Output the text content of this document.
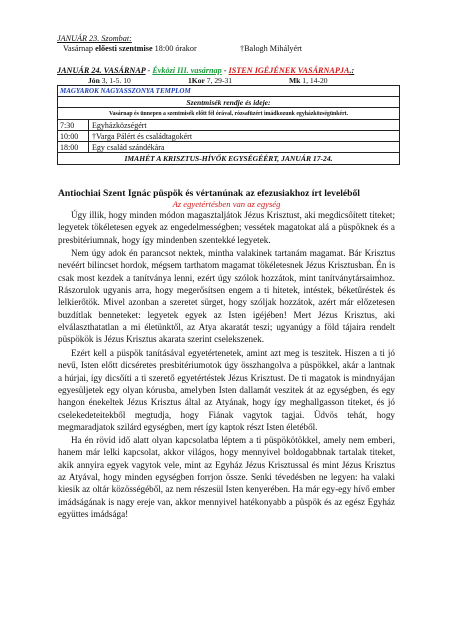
JANUÁR 23. Szombat:
Vasárnap előesti szentmise 18:00 órakor	†Balogh Mihályért
JANUÁR 24. VASÁRNAP - Évközi III. vasárnap - ISTEN IGÉJÉNEK VASÁRNAPJA.:
Jón 3, 1-5. 10	1Kor 7, 29-31	Mk 1, 14-20
MAGYAROK NAGYASSZONYA TEMPLOM
Szentmisék rendje és ideje:
Vasárnap és ünnepen a szentmisék előtt fél órával, rózsafüzért imádkozunk egyházközségünkért.
7:30	Egyházközségért
10:00	†Varga Pálért és családtagokért
18:00	Egy család szándékára
IMAHÉT A KRISZTUS-HÍVŐK EGYSÉGÉÉRT, JANUÁR 17-24.
Antiochiai Szent Ignác püspök és vértanúnak az efezusiakhoz írt leveléből
Az egyetértésben van az egység

Úgy illik, hogy minden módon magasztaljátok Jézus Krisztust, aki megdicsőített titeket; legyetek tökéletesen egyek az engedelmességben; vessétek magatokat alá a püspöknek és a presbitériumnak, hogy így mindenben szentekké legyetek.

Nem úgy adok én parancsot nektek, mintha valakinek tartanám magamat. Bár Krisztus nevéért bilincset hordok, mégsem tarthatom magamat tökéletesnek Jézus Krisztusban. Én is csak most kezdek a tanítványa lenni, ezért úgy szólok hozzátok, mint tanítványtársaimhoz. Rászorulok ugyanis arra, hogy megerősítsen engem a ti hitetek, intéstek, béketűréstek és lelkierőtök. Mivel azonban a szeretet sürget, hogy szóljak hozzátok, azért már előzetesen buzdítlak benneteket: legyetek egyek az Isten igéjében! Mert Jézus Krisztus, aki elválaszthatatlan a mi életünktől, az Atya akaratát teszi; ugyanúgy a föld tájaira rendelt püspökök is Jézus Krisztus akarata szerint cselekszenek.

Ezért kell a püspök tanításával egyetértenetek, amint azt meg is teszitek. Hiszen a ti jó nevű, Isten előtt dicséretes presbitériumotok úgy összhangolva a püspökkel, akár a lantnak a húrjai, így dicsőíti a ti szerető egyetértéstek Jézus Krisztust. De ti magatok is mindnyájan egyesüljetek egy olyan kórusba, amelyben Isten dallamát veszitek át az egységben, és egy hangon énekeltek Jézus Krisztus által az Atyának, hogy így meghallgasson titeket, és jó cselekedeteitekből megtudja, hogy Fiának vagytok tagjai. Üdvös tehát, hogy megmaradjatok szilárd egységben, mert így kaptok részt Isten életéből.

Ha én rövid idő alatt olyan kapcsolatba léptem a ti püspökötökkel, amely nem emberi, hanem már lelki kapcsolat, akkor világos, hogy mennyivel boldogabbnak tartalak titeket, akik annyira egyek vagytok vele, mint az Egyház Jézus Krisztussal és mint Jézus Krisztus az Atyával, hogy minden egységben forrjon össze. Senki tévedésben ne legyen: ha valaki kiesik az oltár közösségéből, az nem részesül Isten kenyerében. Ha már egy-egy hívő ember imádságának is nagy ereje van, akkor mennyivel hatékonyabb a püspök és az egész Egyház együttes imádsága!
